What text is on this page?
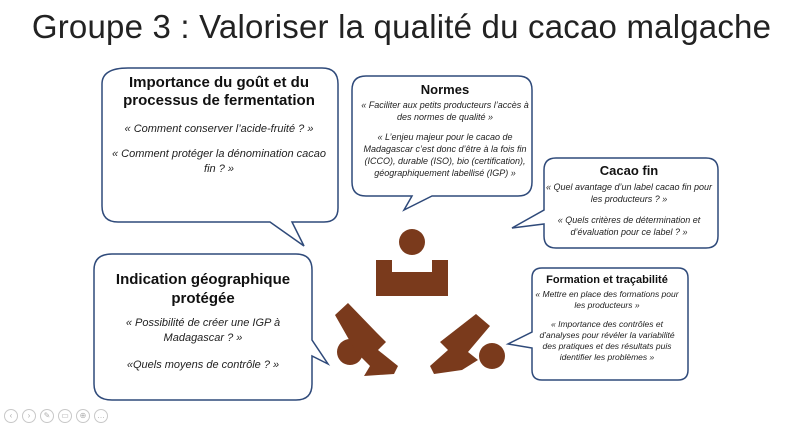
Groupe 3 : Valoriser la qualité du cacao malgache
Importance du goût et du processus de fermentation
« Comment conserver l’acide-fruité ? »
« Comment protéger la dénomination cacao fin ? »
Normes
« Faciliter aux petits producteurs l’accès à des normes de qualité »
« L’enjeu majeur pour le cacao de Madagascar c’est donc d’être à la fois fin (ICCO), durable (ISO), bio (certification), géographiquement labellisé (IGP) »	Cacao fin
« Quel avantage d’un label cacao fin pour les producteurs ? »
« Quels critères de détermination et d’évaluation pour ce label ? »
Indication géographique protégée
« Possibilité de créer une IGP à Madagascar ? »
«Quels moyens de contrôle ? »
Formation et traçabilité
« Mettre en place des formations pour les producteurs »
« Importance des contrôles et d’analyses pour révéler la variabilité des pratiques et des résultats puis identifier les problèmes »
‹	›	✎	▭	⊕	…
